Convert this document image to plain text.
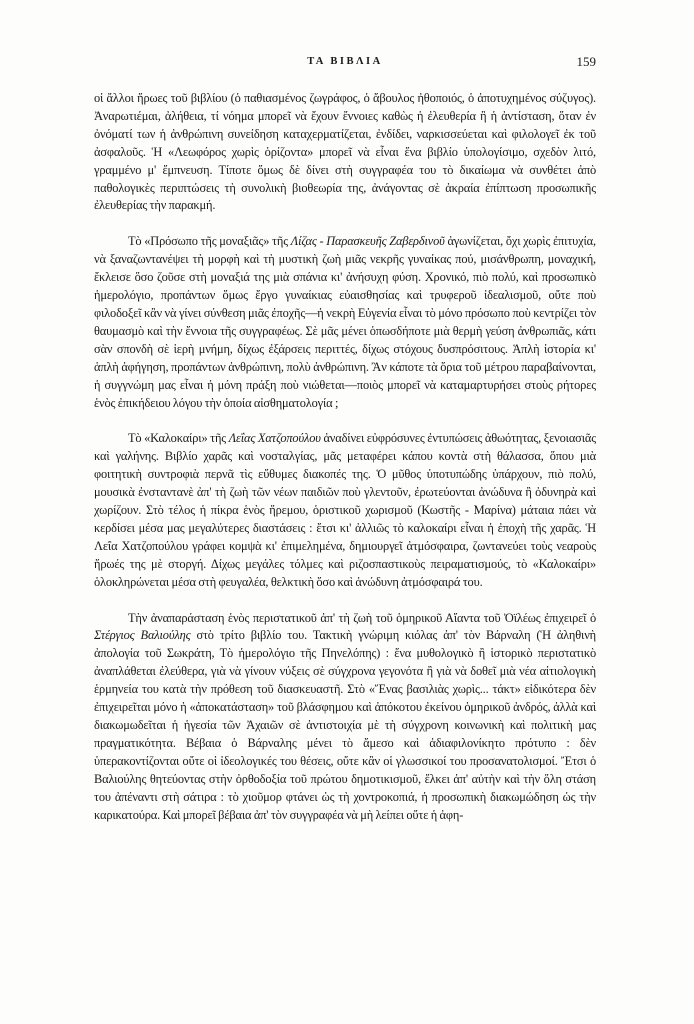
ΤΑ ΒΙΒΛΙΑ	159

οἱ ἄλλοι ἥρωες τοῦ βιβλίου (ὁ παθιασμένος ζωγράφος, ὁ ἄβουλος ἠθοποιός, ὁ ἀποτυχημένος σύζυγος). Ἀναρωτιέμαι, ἀλήθεια, τί νόημα μπορεῖ νὰ ἔχουν ἔννοιες καθὼς ἡ ἐλευθερία ἢ ἡ ἀντίσταση, ὅταν ἐν ὀνόματί των ἡ ἀνθρώπινη συνείδηση καταχερματίζεται, ἐνδίδει, ναρκισσεύεται καὶ φιλολογεῖ ἐκ τοῦ ἀσφαλοῦς. Ἡ «Λεωφόρος χωρὶς ὁρίζοντα» μπορεῖ νὰ εἶναι ἕνα βιβλίο ὑπολογίσιμο, σχεδὸν λιτό, γραμμένο μ' ἔμπνευση. Τίποτε ὅμως δὲ δίνει στὴ συγγραφέα του τὸ δικαίωμα νὰ συνθέτει ἀπὸ παθολογικὲς περιπτώσεις τὴ συνολικὴ βιοθεωρία της, ἀνάγοντας σὲ ἀκραία ἐπίπτωση προσωπικῆς ἐλευθερίας τὴν παρακμή.

Τὸ «Πρόσωπο τῆς μοναξιᾶς» τῆς Λίζας - Παρασκευῆς Ζαβερδινοῦ ἀγωνίζεται, ὄχι χωρὶς ἐπιτυχία, νὰ ξαναζωντανέψει τὴ μορφὴ καὶ τὴ μυστικὴ ζωὴ μιᾶς νεκρῆς γυναίκας πού, μισάνθρωπη, μοναχική, ἔκλεισε ὅσο ζοῦσε στὴ μοναξιά της μιὰ σπάνια κι' ἀνήσυχη φύση. Χρονικό, πιὸ πολύ, καὶ προσωπικὸ ἡμερολόγιο, προπάντων ὅμως ἔργο γυναίκιας εὐαισθησίας καὶ τρυφεροῦ ἰδεαλισμοῦ, οὔτε ποὺ φιλοδοξεῖ κἂν νὰ γίνει σύνθεση μιᾶς ἐποχῆς—ἡ νεκρὴ Εὐγενία εἶναι τὸ μόνο πρόσωπο ποὺ κεντρίζει τὸν θαυμασμὸ καὶ τὴν ἔννοια τῆς συγγραφέως. Σὲ μᾶς μένει ὁπωσδήποτε μιὰ θερμὴ γεύση ἀνθρωπιᾶς, κάτι σὰν σπονδὴ σὲ ἱερὴ μνήμη, δίχως ἐξάρσεις περιττές, δίχως στόχους δυσπρόσιτους. Ἁπλὴ ἱστορία κι' ἁπλὴ ἀφήγηση, προπάντων ἀνθρώπινη, πολὺ ἀνθρώπινη. Ἂν κάποτε τὰ ὅρια τοῦ μέτρου παραβαίνονται, ἡ συγγνώμη μας εἶναι ἡ μόνη πράξη ποὺ νιώθεται—ποιὸς μπορεῖ νὰ καταμαρτυρήσει στοὺς ρήτορες ἑνὸς ἐπικήδειου λόγου τὴν ὁποία αἰσθηματολογία ;

Τὸ «Καλοκαίρι» τῆς Λεΐας Χατζοπούλου ἀναδίνει εὐφρόσυνες ἐντυπώσεις ἀθωότητας, ξενοιασιᾶς καὶ γαλήνης. Βιβλίο χαρᾶς καὶ νοσταλγίας, μᾶς μεταφέρει κάπου κοντὰ στὴ θάλασσα, ὅπου μιὰ φοιτητικὴ συντροφιὰ περνᾶ τὶς εὔθυμες διακοπές της. Ὁ μῦθος ὑποτυπώδης ὑπάρχουν, πιὸ πολύ, μουσικὰ ἐνσταντανὲ ἀπ' τὴ ζωὴ τῶν νέων παιδιῶν ποὺ γλεντοῦν, ἐρωτεύονται ἀνώδυνα ἢ ὀδυνηρὰ καὶ χωρίζουν. Στὸ τέλος ἡ πίκρα ἑνὸς ἥρεμου, ὁριστικοῦ χωρισμοῦ (Κωστῆς - Μαρίνα) μάταια πάει νὰ κερδίσει μέσα μας μεγαλύτερες διαστάσεις : ἔτσι κι' ἀλλιῶς τὸ καλοκαίρι εἶναι ἡ ἐποχὴ τῆς χαρᾶς. Ἡ Λεΐα Χατζοπούλου γράφει κομψὰ κι' ἐπιμελημένα, δημιουργεῖ ἀτμόσφαιρα, ζωντανεύει τοὺς νεαροὺς ἥρωές της μὲ στοργή. Δίχως μεγάλες τόλμες καὶ ριζοσπαστικοὺς πειραματισμούς, τὸ «Καλοκαίρι» ὁλοκληρώνεται μέσα στὴ φευγαλέα, θελκτικὴ ὅσο καὶ ἀνώδυνη ἀτμόσφαιρά του.

Τὴν ἀναπαράσταση ἑνὸς περιστατικοῦ ἀπ' τὴ ζωὴ τοῦ ὁμηρικοῦ Αἴαντα τοῦ Ὀϊλέως ἐπιχειρεῖ ὁ Στέργιος Βαλιούλης στὸ τρίτο βιβλίο του. Τακτικὴ γνώριμη κιόλας ἀπ' τὸν Βάρναλη (Ἡ ἀληθινὴ ἀπολογία τοῦ Σωκράτη, Τὸ ἡμερολόγιο τῆς Πηνελόπης) : ἕνα μυθολογικὸ ἢ ἱστορικὸ περιστατικὸ ἀναπλάθεται ἐλεύθερα, γιὰ νὰ γίνουν νύξεις σὲ σύγχρονα γεγονότα ἢ γιὰ νὰ δοθεῖ μιὰ νέα αἰτιολογικὴ ἑρμηνεία του κατὰ τὴν πρόθεση τοῦ διασκευαστῆ. Στὸ «Ἕνας βασιλιὰς χωρὶς... τάκτ» εἰδικότερα δὲν ἐπιχειρεῖται μόνο ἡ «ἀποκατάσταση» τοῦ βλάσφημου καὶ ἀπόκοτου ἐκείνου ὁμηρικοῦ ἀνδρός, ἀλλὰ καὶ διακωμωδεῖται ἡ ἡγεσία τῶν Ἀχαιῶν σὲ ἀντιστοιχία μὲ τὴ σύγχρονη κοινωνικὴ καὶ πολιτικὴ μας πραγματικότητα. Βέβαια ὁ Βάρναλης μένει τὸ ἄμεσο καὶ ἀδιαφιλονίκητο πρότυπο : δὲν ὑπερακοντίζονται οὔτε οἱ ἰδεολογικές του θέσεις, οὔτε κἂν οἱ γλωσσικοί του προσανατολισμοί. Ἔτσι ὁ Βαλιούλης θητεύοντας στὴν ὀρθοδοξία τοῦ πρώτου δημοτικισμοῦ, ἕλκει ἀπ' αὐτὴν καὶ τὴν ὅλη στάση του ἀπέναντι στὴ σάτιρα : τὸ χιοῦμορ φτάνει ὡς τὴ χοντροκοπιά, ἡ προσωπικὴ διακωμώδηση ὡς τὴν καρικατούρα. Καὶ μπορεῖ βέβαια ἀπ' τὸν συγγραφέα νὰ μὴ λείπει οὔτε ἡ ἀφη-
